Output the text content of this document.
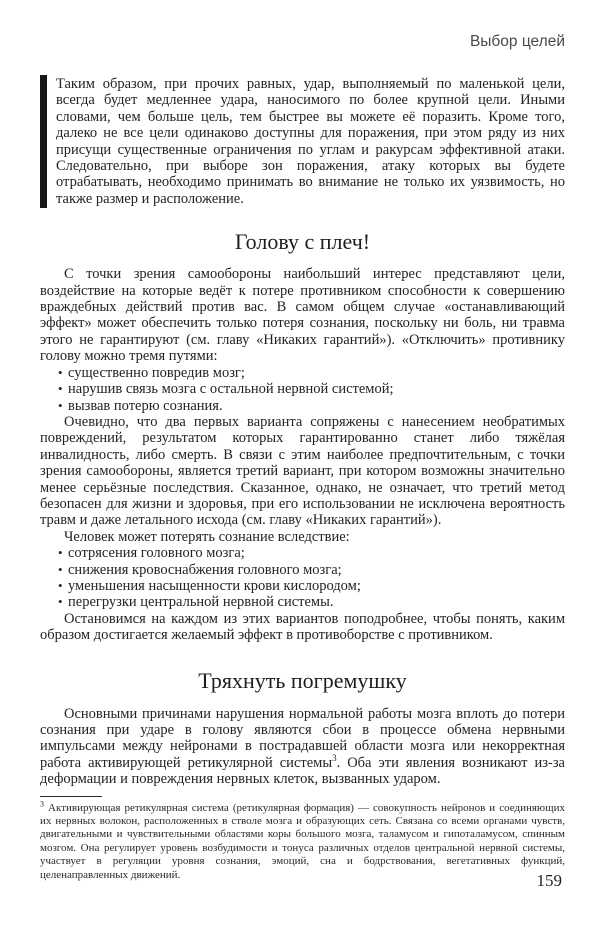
Выбор целей
Таким образом, при прочих равных, удар, выполняемый по маленькой цели, всегда будет медленнее удара, наносимого по более крупной цели. Иными словами, чем больше цель, тем быстрее вы можете её поразить. Кроме того, далеко не все цели одинаково доступны для поражения, при этом ряду из них присущи существенные ограничения по углам и ракурсам эффективной атаки. Следовательно, при выборе зон поражения, атаку которых вы будете отрабатывать, необходимо принимать во внимание не только их уязвимость, но также размер и расположение.
Голову с плеч!

С точки зрения самообороны наибольший интерес представляют цели, воздействие на которые ведёт к потере противником способности к совершению враждебных действий против вас. В самом общем случае «останавливающий эффект» может обеспечить только потеря сознания, поскольку ни боль, ни травма этого не гарантируют (см. главу «Никаких гарантий»). «Отключить» противнику голову можно тремя путями:

• существенно повредив мозг;
• нарушив связь мозга с остальной нервной системой;
• вызвав потерю сознания.

Очевидно, что два первых варианта сопряжены с нанесением необратимых повреждений, результатом которых гарантированно станет либо тяжёлая инвалидность, либо смерть. В связи с этим наиболее предпочтительным, с точки зрения самообороны, является третий вариант, при котором возможны значительно менее серьёзные последствия. Сказанное, однако, не означает, что третий метод безопасен для жизни и здоровья, при его использовании не исключена вероятность травм и даже летального исхода (см. главу «Никаких гарантий»).

Человек может потерять сознание вследствие:

• сотрясения головного мозга;
• снижения кровоснабжения головного мозга;
• уменьшения насыщенности крови кислородом;
• перегрузки центральной нервной системы.

Остановимся на каждом из этих вариантов поподробнее, чтобы понять, каким образом достигается желаемый эффект в противоборстве с противником.

Тряхнуть погремушку

Основными причинами нарушения нормальной работы мозга вплоть до потери сознания при ударе в голову являются сбои в процессе обмена нервными импульсами между нейронами в пострадавшей области мозга или некорректная работа активирующей ретикулярной системы$^3$. Оба эти явления возникают из-за деформации и повреждения нервных клеток, вызванных ударом.

$^3$ Активирующая ретикулярная система (ретикулярная формация) — совокупность нейронов и соединяющих их нервных волокон, расположенных в стволе мозга и образующих сеть. Связана со всеми органами чувств, двигательными и чувствительными областями коры большого мозга, таламусом и гипоталамусом, спинным мозгом. Она регулирует уровень возбудимости и тонуса различных отделов центральной нервной системы, участвует в регуляции уровня сознания, эмоций, сна и бодрствования, вегетативных функций, целенаправленных движений.	159
